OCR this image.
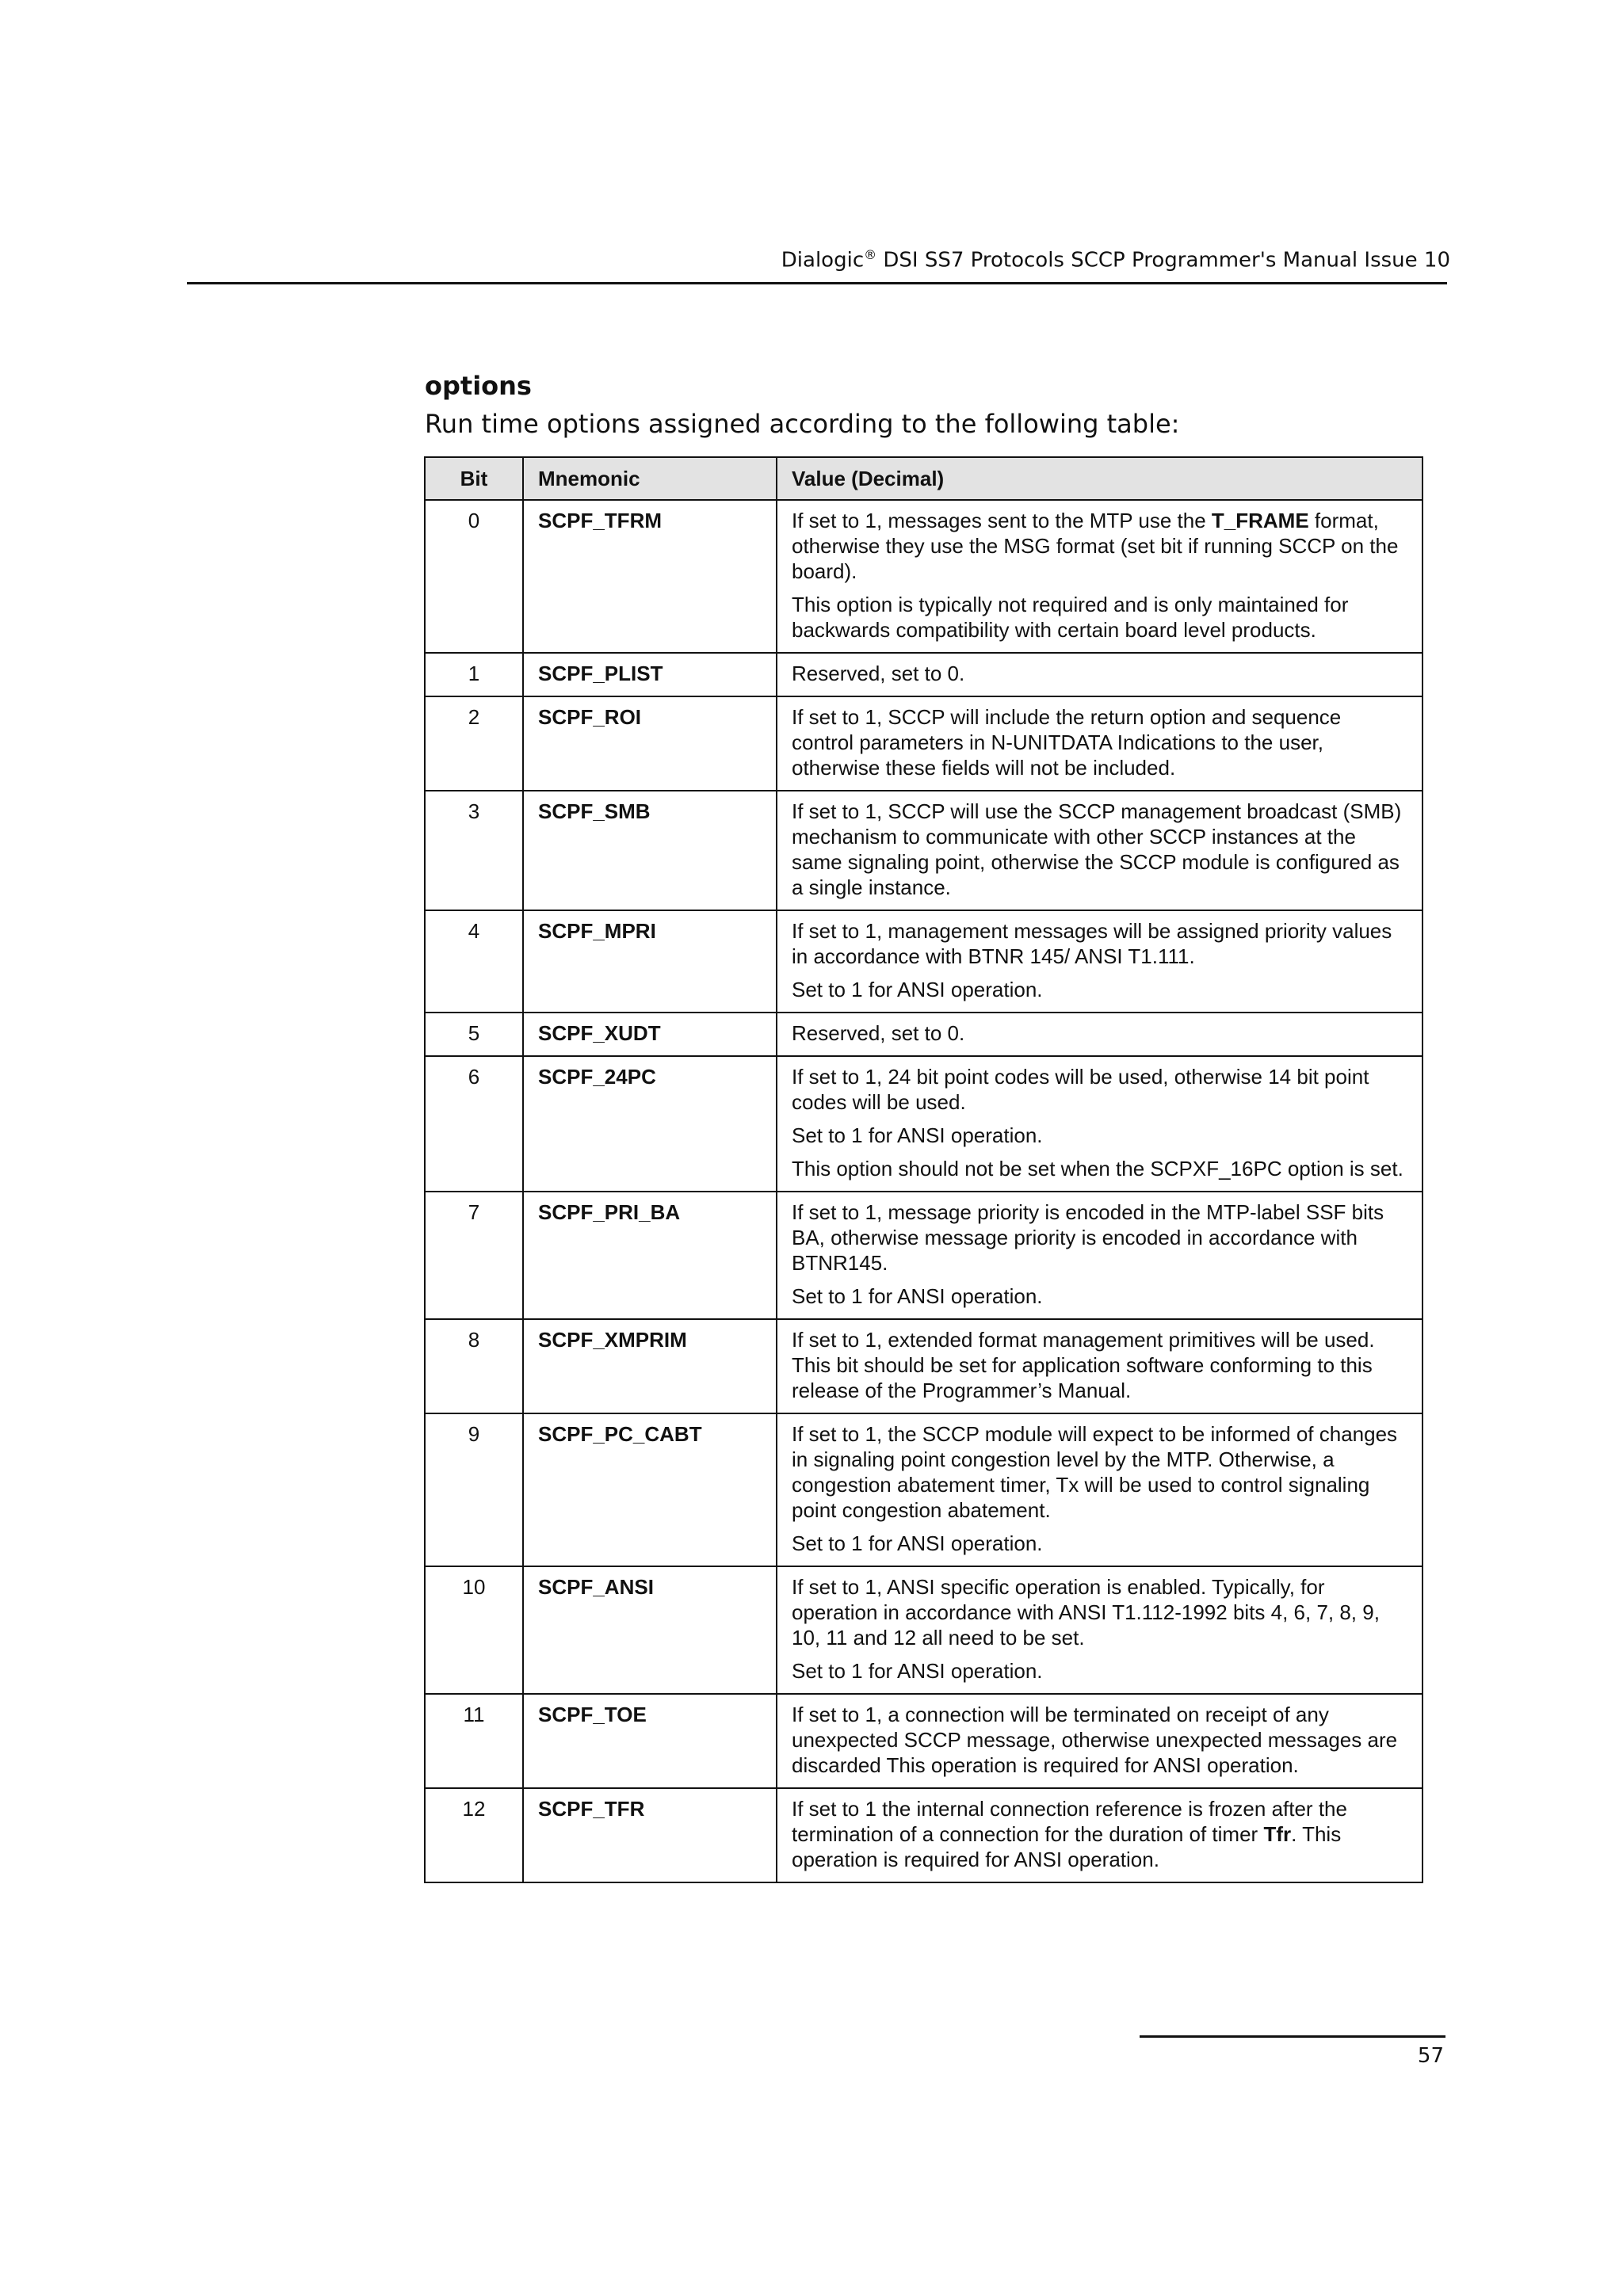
Dialogic® DSI SS7 Protocols SCCP Programmer's Manual Issue 10
options
Run time options assigned according to the following table:
Bit	Mnemonic	Value (Decimal)
0	SCPF_TFRM	If set to 1, messages sent to the MTP use the T_FRAME format, otherwise they use the MSG format (set bit if running SCCP on the board).

This option is typically not required and is only maintained for backwards compatibility with certain board level products.

1	SCPF_PLIST	Reserved, set to 0.

2	SCPF_ROI	If set to 1, SCCP will include the return option and sequence control parameters in N-UNITDATA Indications to the user, otherwise these fields will not be included.

3	SCPF_SMB	If set to 1, SCCP will use the SCCP management broadcast (SMB) mechanism to communicate with other SCCP instances at the same signaling point, otherwise the SCCP module is configured as a single instance.

4	SCPF_MPRI	If set to 1, management messages will be assigned priority values in accordance with BTNR 145/ ANSI T1.111.

Set to 1 for ANSI operation.

5	SCPF_XUDT	Reserved, set to 0.

6	SCPF_24PC	If set to 1, 24 bit point codes will be used, otherwise 14 bit point codes will be used.

Set to 1 for ANSI operation.

This option should not be set when the SCPXF_16PC option is set.

7	SCPF_PRI_BA	If set to 1, message priority is encoded in the MTP-label SSF bits BA, otherwise message priority is encoded in accordance with BTNR145.

Set to 1 for ANSI operation.

8	SCPF_XMPRIM	If set to 1, extended format management primitives will be used. This bit should be set for application software conforming to this release of the Programmer’s Manual.

9	SCPF_PC_CABT	If set to 1, the SCCP module will expect to be informed of changes in signaling point congestion level by the MTP. Otherwise, a congestion abatement timer, Tx will be used to control signaling point congestion abatement.

Set to 1 for ANSI operation.

10	SCPF_ANSI	If set to 1, ANSI specific operation is enabled. Typically, for operation in accordance with ANSI T1.112-1992 bits 4, 6, 7, 8, 9, 10, 11 and 12 all need to be set.

Set to 1 for ANSI operation.

11	SCPF_TOE	If set to 1, a connection will be terminated on receipt of any unexpected SCCP message, otherwise unexpected messages are discarded This operation is required for ANSI operation.

12	SCPF_TFR	If set to 1 the internal connection reference is frozen after the termination of a connection for the duration of timer Tfr. This operation is required for ANSI operation.

57
